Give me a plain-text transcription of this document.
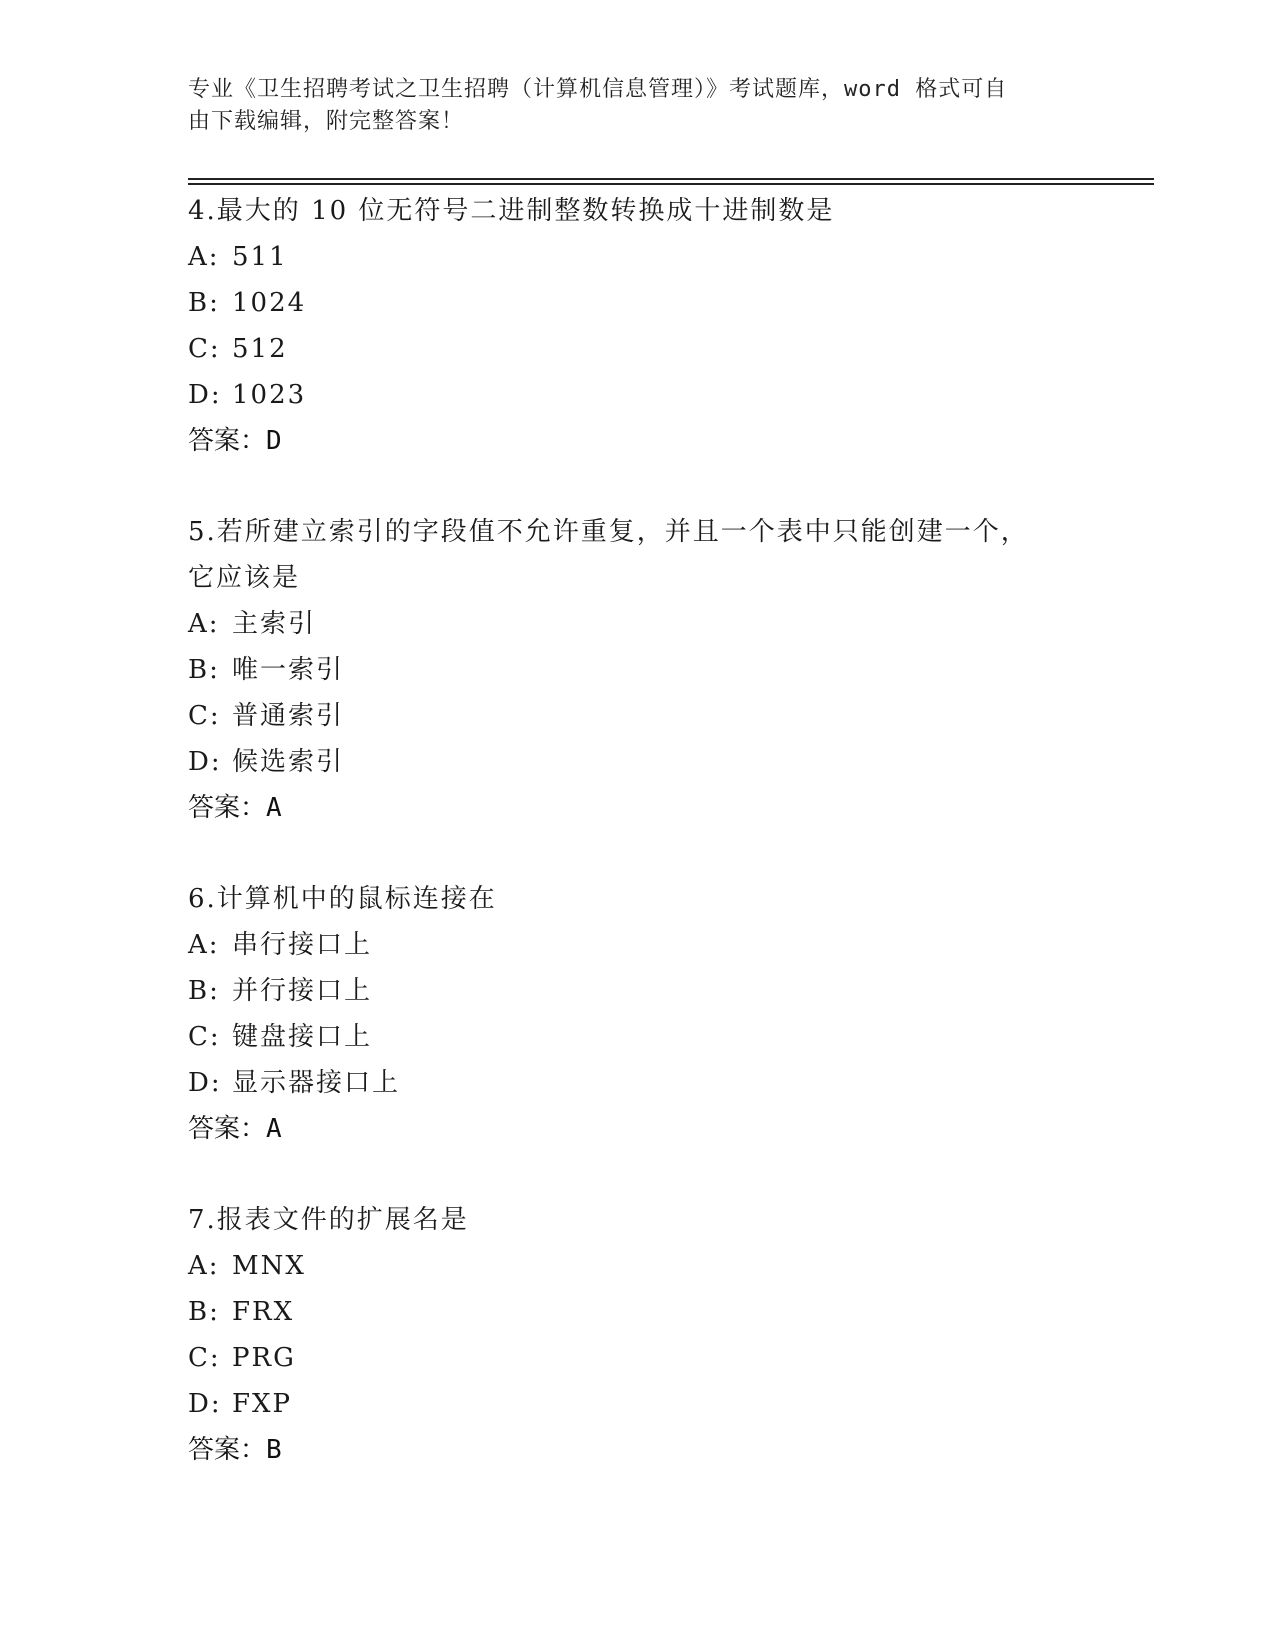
专业《卫生招聘考试之卫生招聘（计算机信息管理）》考试题库，word 格式可自
由下载编辑，附完整答案！
4.最大的 10 位无符号二进制整数转换成十进制数是
A: 511
B: 1024
C: 512
D: 1023
答案：D
5.若所建立索引的字段值不允许重复，并且一个表中只能创建一个，
它应该是
A: 主索引
B: 唯一索引
C: 普通索引
D: 候选索引
答案：A
6.计算机中的鼠标连接在
A: 串行接口上
B: 并行接口上
C: 键盘接口上
D: 显示器接口上
答案：A
7.报表文件的扩展名是
A: MNX
B: FRX
C: PRG
D: FXP
答案：B
